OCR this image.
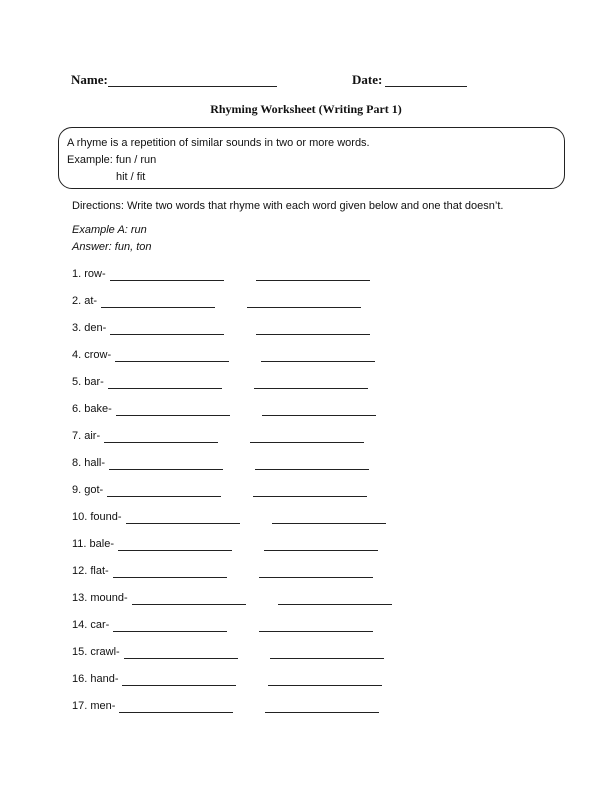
Name:	Date:
Rhyming Worksheet (Writing Part 1)
A rhyme is a repetition of similar sounds in two or more words.
Example: fun / run
hit / fit
Directions: Write two words that rhyme with each word given below and one that doesn’t.
Example A: run
Answer: fun, ton
1. row-
2. at-
3. den-
4. crow-
5. bar-
6. bake-
7. air-
8. hall-
9. got-
10. found-
11. bale-
12. flat-
13. mound-
14. car-
15. crawl-
16. hand-
17. men-
